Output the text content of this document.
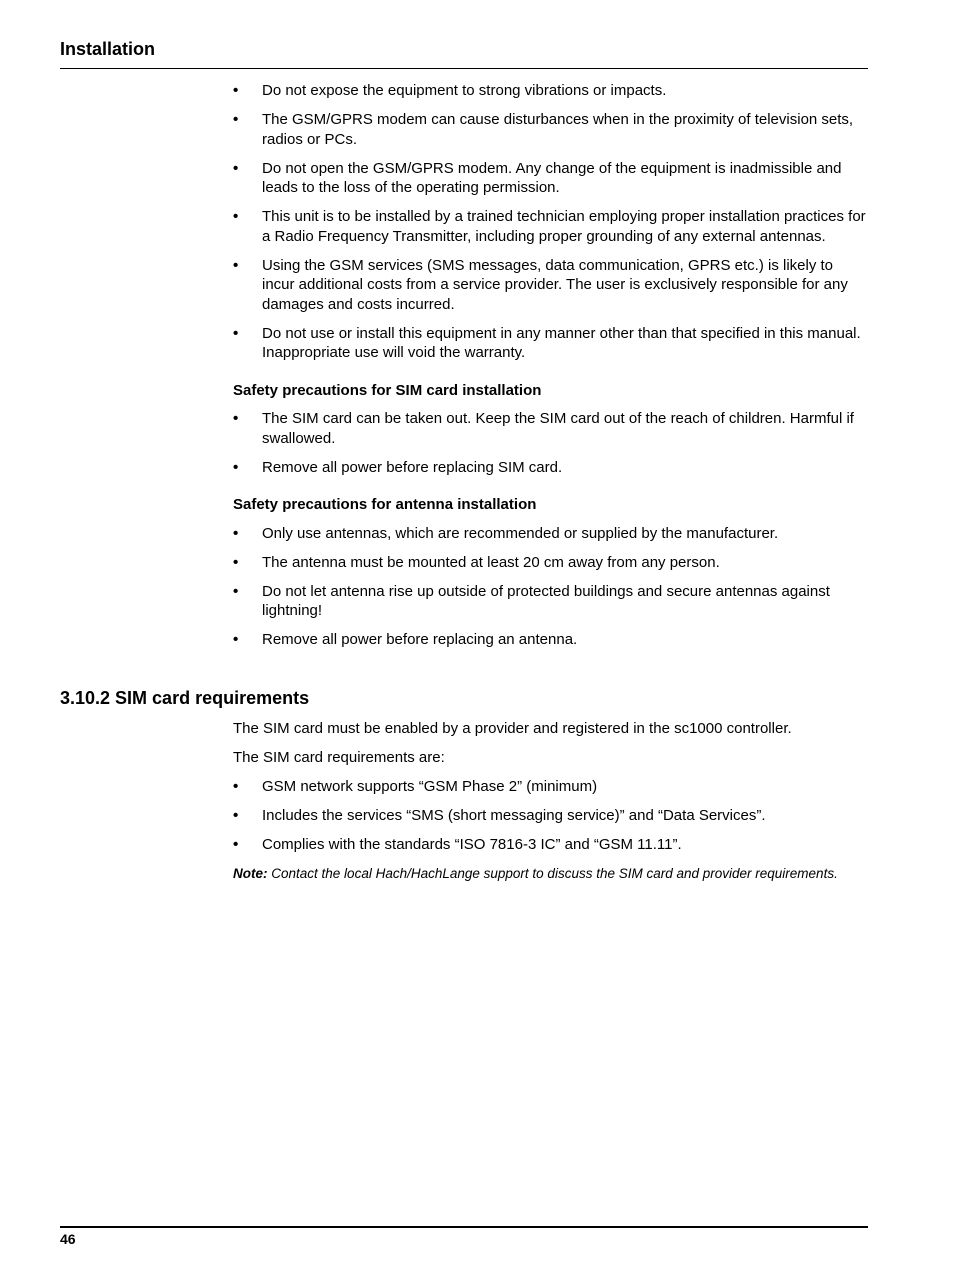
Installation
• Do not expose the equipment to strong vibrations or impacts.
• The GSM/GPRS modem can cause disturbances when in the proximity of television sets, radios or PCs.
• Do not open the GSM/GPRS modem. Any change of the equipment is inadmissible and leads to the loss of the operating permission.
• This unit is to be installed by a trained technician employing proper installation practices for a Radio Frequency Transmitter, including proper grounding of any external antennas.
• Using the GSM services (SMS messages, data communication, GPRS etc.) is likely to incur additional costs from a service provider. The user is exclusively responsible for any damages and costs incurred.
• Do not use or install this equipment in any manner other than that specified in this manual. Inappropriate use will void the warranty.
Safety precautions for SIM card installation
• The SIM card can be taken out. Keep the SIM card out of the reach of children. Harmful if swallowed.
• Remove all power before replacing SIM card.
Safety precautions for antenna installation
• Only use antennas, which are recommended or supplied by the manufacturer.
• The antenna must be mounted at least 20 cm away from any person.
• Do not let antenna rise up outside of protected buildings and secure antennas against lightning!
• Remove all power before replacing an antenna.
3.10.2 SIM card requirements

The SIM card must be enabled by a provider and registered in the sc1000 controller.

The SIM card requirements are:

• GSM network supports “GSM Phase 2” (minimum)
• Includes the services “SMS (short messaging service)” and “Data Services”.
• Complies with the standards “ISO 7816-3 IC” and “GSM 11.11”.
Note: Contact the local Hach/HachLange support to discuss the SIM card and provider requirements.
46
